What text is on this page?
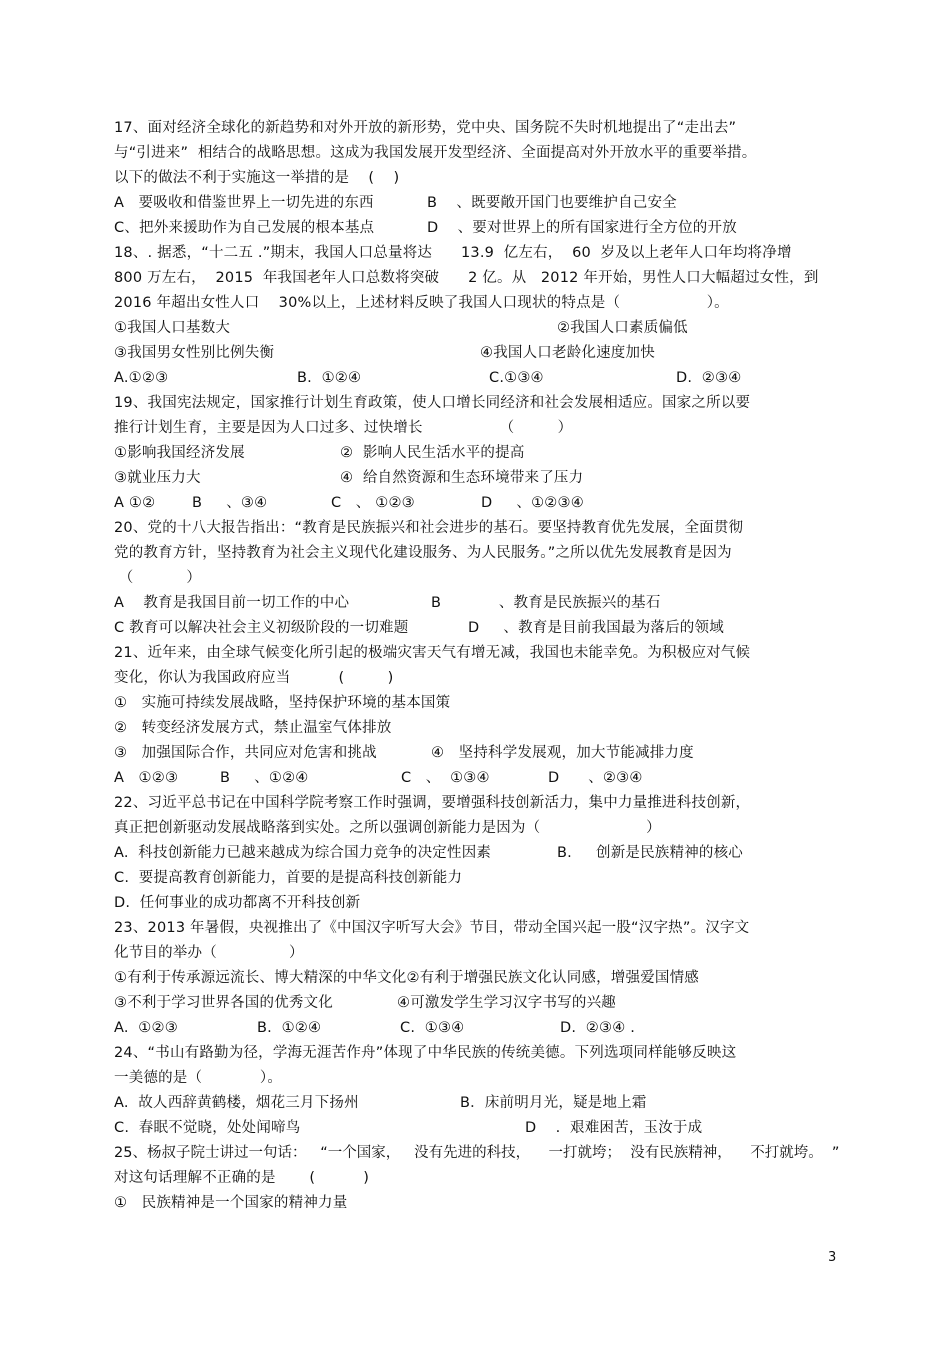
17、面对经济全球化的新趋势和对外开放的新形势，党中央、国务院不失时机地提出了“走出去”
与“引进来”  相结合的战略思想。这成为我国发展开发型经济、全面提高对外开放水平的重要举措。
以下的做法不利于实施这一举措的是    (    )
A   要吸收和借鉴世界上一切先进的东西	B    、既要敞开国门也要维护自己安全
C、把外来援助作为自己发展的根本基点	D    、要对世界上的所有国家进行全方位的开放
18、. 据悉，“十二五 .”期末，我国人口总量将达      13.9  亿左右，  60  岁及以上老年人口年均将净增
800 万左右，  2015  年我国老年人口总数将突破      2 亿。从   2012 年开始，男性人口大幅超过女性，到
2016 年超出女性人口    30%以上，上述材料反映了我国人口现状的特点是（                  ）。
①我国人口基数大	②我国人口素质偏低
③我国男女性别比例失衡	④我国人口老龄化速度加快
A.①②③	B.  ①②④	C.①③④	D.  ②③④
19、我国宪法规定，国家推行计划生育政策，使人口增长同经济和社会发展相适应。国家之所以要
推行计划生育，主要是因为人口过多、过快增长                （         ）
①影响我国经济发展	②  影响人民生活水平的提高
③就业压力大	④  给自然资源和生态环境带来了压力
A ①②	B     、③④	C   、 ①②③	D     、①②③④
20、党的十八大报告指出：“教育是民族振兴和社会进步的基石。要坚持教育优先发展，全面贯彻
党的教育方针，坚持教育为社会主义现代化建设服务、为人民服务。”之所以优先发展教育是因为
（           ）
A    教育是我国目前一切工作的中心	B            、教育是民族振兴的基石
C 教育可以解决社会主义初级阶段的一切难题	D     、教育是目前我国最为落后的领域
21、近年来，由全球气候变化所引起的极端灾害天气有增无减，我国也未能幸免。为积极应对气候
变化，你认为我国政府应当          (         )
①   实施可持续发展战略，坚持保护环境的基本国策
②   转变经济发展方式，禁止温室气体排放
③   加强国际合作，共同应对危害和挑战	④   坚持科学发展观，加大节能减排力度
A   ①②③	B     、①②④	C   、  ①③④	D      、②③④
22、习近平总书记在中国科学院考察工作时强调，要增强科技创新活力，集中力量推进科技创新，
真正把创新驱动发展战略落到实处。之所以强调创新能力是因为（                      ）
A.  科技创新能力已越来越成为综合国力竞争的决定性因素	B.     创新是民族精神的核心
C.  要提高教育创新能力，首要的是提高科技创新能力
D.  任何事业的成功都离不开科技创新
23、2013 年暑假，央视推出了《中国汉字听写大会》节目，带动全国兴起一股“汉字热”。汉字文
化节目的举办（               ）
①有利于传承源远流长、博大精深的中华文化②有利于增强民族文化认同感，增强爱国情感
③不利于学习世界各国的优秀文化	④可激发学生学习汉字书写的兴趣
A.  ①②③	B.  ①②④	C.  ①③④	D.  ②③④ .
24、“书山有路勤为径，学海无涯苦作舟”体现了中华民族的传统美德。下列选项同样能够反映这
一美德的是（            ）。
A.  故人西辞黄鹤楼，烟花三月下扬州	B．床前明月光，疑是地上霜
C.  春眠不觉晓，处处闻啼鸟	D    .  艰难困苦，玉汝于成
25、杨叔子院士讲过一句话：   “一个国家，   没有先进的科技，    一打就垮；  没有民族精神，    不打就垮。  ”
对这句话理解不正确的是       (          )
①   民族精神是一个国家的精神力量
3
